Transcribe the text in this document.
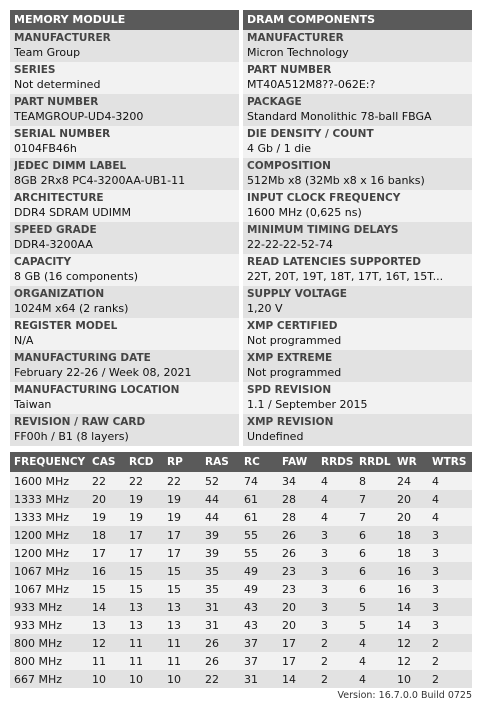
MEMORY MODULE
MANUFACTURER
Team Group
SERIES
Not determined
PART NUMBER
TEAMGROUP-UD4-3200
SERIAL NUMBER
0104FB46h
JEDEC DIMM LABEL
8GB 2Rx8 PC4-3200AA-UB1-11
ARCHITECTURE
DDR4 SDRAM UDIMM
SPEED GRADE
DDR4-3200AA
CAPACITY
8 GB (16 components)
ORGANIZATION
1024M x64 (2 ranks)
REGISTER MODEL
N/A
MANUFACTURING DATE
February 22-26 / Week 08, 2021
MANUFACTURING LOCATION
Taiwan
REVISION / RAW CARD
FF00h / B1 (8 layers)
DRAM COMPONENTS
MANUFACTURER
Micron Technology
PART NUMBER
MT40A512M8??-062E:?
PACKAGE
Standard Monolithic 78-ball FBGA
DIE DENSITY / COUNT
4 Gb / 1 die
COMPOSITION
512Mb x8 (32Mb x8 x 16 banks)
INPUT CLOCK FREQUENCY
1600 MHz (0,625 ns)
MINIMUM TIMING DELAYS
22-22-22-52-74
READ LATENCIES SUPPORTED
22T, 20T, 19T, 18T, 17T, 16T, 15T...
SUPPLY VOLTAGE
1,20 V
XMP CERTIFIED
Not programmed
XMP EXTREME
Not programmed
SPD REVISION
1.1 / September 2015
XMP REVISION
Undefined
FREQUENCY	CAS	RCD	RP	RAS	RC	FAW	RRDS	RRDL	WR	WTRS
1600 MHz	22	22	22	52	74	34	4	8	24	4
1333 MHz	20	19	19	44	61	28	4	7	20	4
1333 MHz	19	19	19	44	61	28	4	7	20	4
1200 MHz	18	17	17	39	55	26	3	6	18	3
1200 MHz	17	17	17	39	55	26	3	6	18	3
1067 MHz	16	15	15	35	49	23	3	6	16	3
1067 MHz	15	15	15	35	49	23	3	6	16	3
933 MHz	14	13	13	31	43	20	3	5	14	3
933 MHz	13	13	13	31	43	20	3	5	14	3
800 MHz	12	11	11	26	37	17	2	4	12	2
800 MHz	11	11	11	26	37	17	2	4	12	2
667 MHz	10	10	10	22	31	14	2	4	10	2
Version: 16.7.0.0 Build 0725
